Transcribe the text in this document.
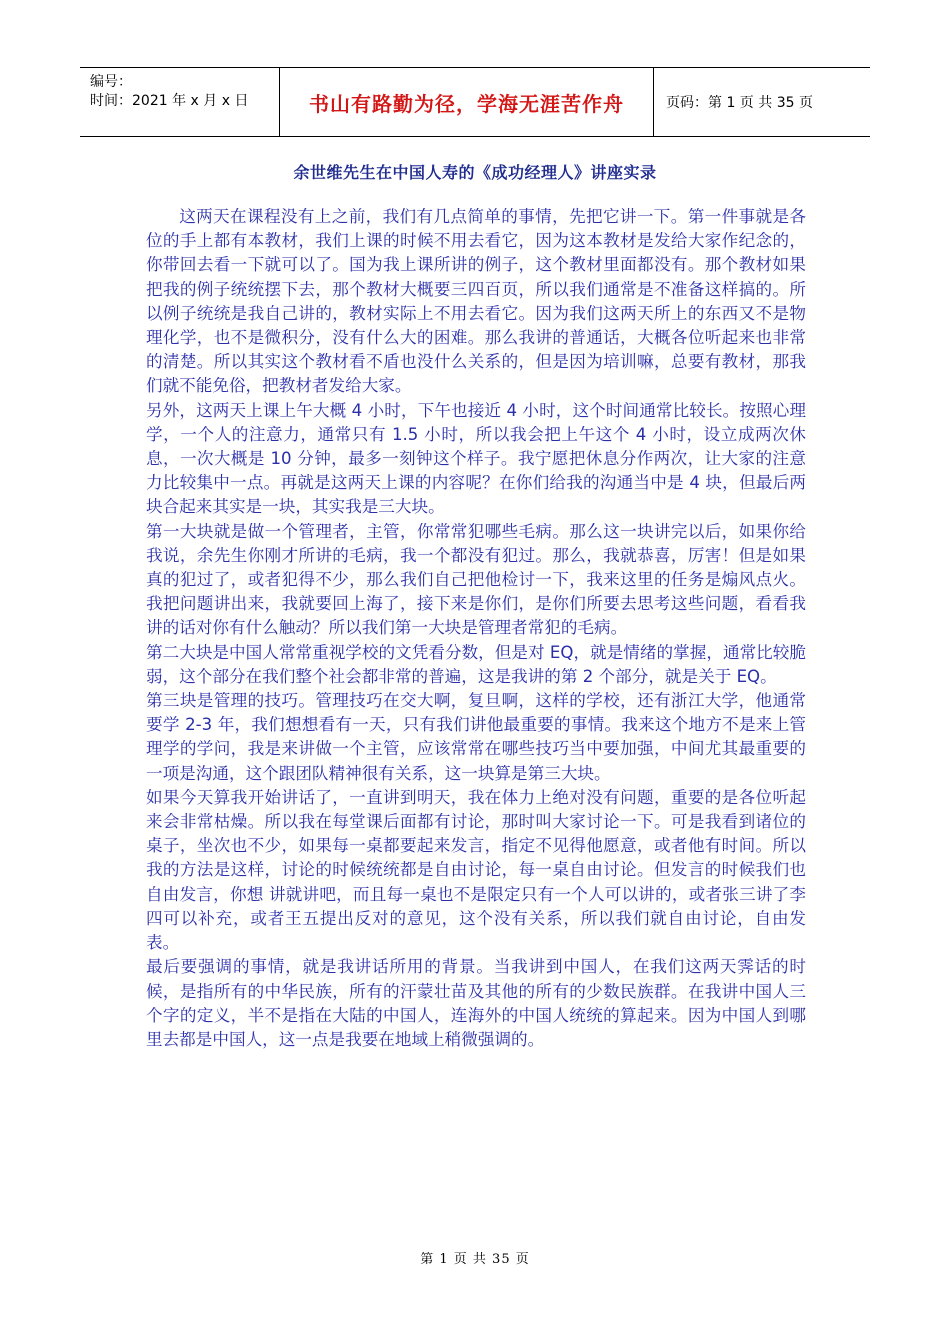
编号：
时间：2021 年 x 月 x 日	书山有路勤为径，学海无涯苦作舟	页码：第 1 页 共 35 页
余世维先生在中国人寿的《成功经理人》讲座实录

这两天在课程没有上之前，我们有几点简单的事情，先把它讲一下。第一件事就是各位的手上都有本教材，我们上课的时候不用去看它，因为这本教材是发给大家作纪念的，你带回去看一下就可以了。国为我上课所讲的例子，这个教材里面都没有。那个教材如果把我的例子统统摆下去，那个教材大概要三四百页，所以我们通常是不准备这样搞的。所以例子统统是我自己讲的，教材实际上不用去看它。因为我们这两天所上的东西又不是物理化学，也不是微积分，没有什么大的困难。那么我讲的普通话，大概各位听起来也非常的清楚。所以其实这个教材看不盾也没什么关系的，但是因为培训嘛，总要有教材，那我们就不能免俗，把教材者发给大家。

另外，这两天上课上午大概 4 小时，下午也接近 4 小时，这个时间通常比较长。按照心理学，一个人的注意力，通常只有 1.5 小时，所以我会把上午这个 4 小时，设立成两次休息，一次大概是 10 分钟，最多一刻钟这个样子。我宁愿把休息分作两次，让大家的注意力比较集中一点。再就是这两天上课的内容呢？在你们给我的沟通当中是 4 块，但最后两块合起来其实是一块，其实我是三大块。

第一大块就是做一个管理者，主管，你常常犯哪些毛病。那么这一块讲完以后，如果你给我说，余先生你刚才所讲的毛病，我一个都没有犯过。那么，我就恭喜，厉害！但是如果真的犯过了，或者犯得不少，那么我们自己把他检讨一下，我来这里的任务是煽风点火。我把问题讲出来，我就要回上海了，接下来是你们，是你们所要去思考这些问题，看看我讲的话对你有什么触动？所以我们第一大块是管理者常犯的毛病。

第二大块是中国人常常重视学校的文凭看分数，但是对 EQ，就是情绪的掌握，通常比较脆弱，这个部分在我们整个社会都非常的普遍，这是我讲的第 2 个部分，就是关于 EQ。

第三块是管理的技巧。管理技巧在交大啊，复旦啊，这样的学校，还有浙江大学，他通常要学 2-3 年，我们想想看有一天，只有我们讲他最重要的事情。我来这个地方不是来上管理学的学问，我是来讲做一个主管，应该常常在哪些技巧当中要加强，中间尤其最重要的一项是沟通，这个跟团队精神很有关系，这一块算是第三大块。

如果今天算我开始讲话了，一直讲到明天，我在体力上绝对没有问题，重要的是各位听起来会非常枯燥。所以我在每堂课后面都有讨论，那时叫大家讨论一下。可是我看到诸位的桌子，坐次也不少，如果每一桌都要起来发言，指定不见得他愿意，或者他有时间。所以我的方法是这样，讨论的时候统统都是自由讨论，每一桌自由讨论。但发言的时候我们也自由发言，你想 讲就讲吧，而且每一桌也不是限定只有一个人可以讲的，或者张三讲了李四可以补充，或者王五提出反对的意见，这个没有关系，所以我们就自由讨论，自由发表。

最后要强调的事情，就是我讲话所用的背景。当我讲到中国人，在我们这两天霁话的时候，是指所有的中华民族，所有的汗蒙壮苗及其他的所有的少数民族群。在我讲中国人三个字的定义，半不是指在大陆的中国人，连海外的中国人统统的算起来。因为中国人到哪里去都是中国人，这一点是我要在地域上稍微强调的。

第 1 页 共 35 页
